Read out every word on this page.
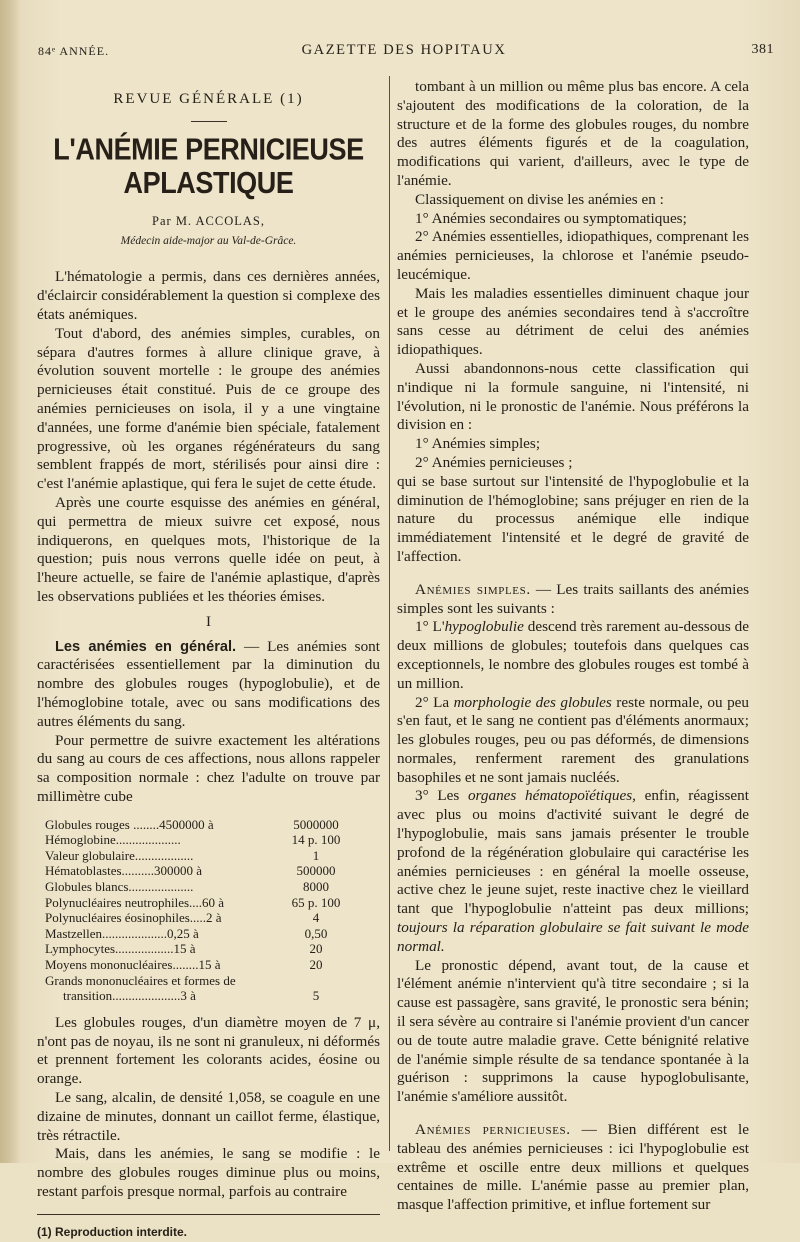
84ᵉ ANNÉE.	GAZETTE DES HOPITAUX	381
REVUE GÉNÉRALE (1)
L'ANÉMIE PERNICIEUSE APLASTIQUE
Par M. ACCOLAS,
Médecin aide-major au Val-de-Grâce.

L'hématologie a permis, dans ces dernières années, d'éclaircir considérablement la question si complexe des états anémiques.

Tout d'abord, des anémies simples, curables, on sépara d'autres formes à allure clinique grave, à évolution souvent mortelle : le groupe des anémies pernicieuses était constitué. Puis de ce groupe des anémies pernicieuses on isola, il y a une vingtaine d'années, une forme d'anémie bien spéciale, fatalement progressive, où les organes régénérateurs du sang semblent frappés de mort, stérilisés pour ainsi dire : c'est l'anémie aplastique, qui fera le sujet de cette étude.

Après une courte esquisse des anémies en général, qui permettra de mieux suivre cet exposé, nous indiquerons, en quelques mots, l'historique de la question; puis nous verrons quelle idée on peut, à l'heure actuelle, se faire de l'anémie aplastique, d'après les observations publiées et les théories émises.

I

Les anémies en général. — Les anémies sont caractérisées essentiellement par la diminution du nombre des globules rouges (hypoglobulie), et de l'hémoglobine totale, avec ou sans modifications des autres éléments du sang.

Pour permettre de suivre exactement les altérations du sang au cours de ces affections, nous allons rappeler sa composition normale : chez l'adulte on trouve par millimètre cube

Globules rouges ........4500000 à	5000000
Hémoglobine....................	14 p. 100
Valeur globulaire..................	1
Hématoblastes..........300000 à	500000
Globules blancs....................	8000
Polynucléaires neutrophiles....60 à	65 p. 100
Polynucléaires éosinophiles.....2 à	4
Mastzellen....................0,25 à	0,50
Lymphocytes..................15 à	20
Moyens mononucléaires........15 à	20
Grands mononucléaires et formes de
transition.....................3 à	5

Les globules rouges, d'un diamètre moyen de 7 μ, n'ont pas de noyau, ils ne sont ni granuleux, ni déformés et prennent fortement les colorants acides, éosine ou orange.

Le sang, alcalin, de densité 1,058, se coagule en une dizaine de minutes, donnant un caillot ferme, élastique, très rétractile.

Mais, dans les anémies, le sang se modifie : le nombre des globules rouges diminue plus ou moins, restant parfois presque normal, parfois au contraire

(1) Reproduction interdite.

tombant à un million ou même plus bas encore. A cela s'ajoutent des modifications de la coloration, de la structure et de la forme des globules rouges, du nombre des autres éléments figurés et de la coagulation, modifications qui varient, d'ailleurs, avec le type de l'anémie.

Classiquement on divise les anémies en :

1° Anémies secondaires ou symptomatiques;

2° Anémies essentielles, idiopathiques, comprenant les anémies pernicieuses, la chlorose et l'anémie pseudo-leucémique.

Mais les maladies essentielles diminuent chaque jour et le groupe des anémies secondaires tend à s'accroître sans cesse au détriment de celui des anémies idiopathiques.

Aussi abandonnons-nous cette classification qui n'indique ni la formule sanguine, ni l'intensité, ni l'évolution, ni le pronostic de l'anémie. Nous préférons la division en :

1° Anémies simples;

2° Anémies pernicieuses ;

qui se base surtout sur l'intensité de l'hypoglobulie et la diminution de l'hémoglobine; sans préjuger en rien de la nature du processus anémique elle indique immédiatement l'intensité et le degré de gravité de l'affection.

Anémies simples. — Les traits saillants des anémies simples sont les suivants :

1° L'hypoglobulie descend très rarement au-dessous de deux millions de globules; toutefois dans quelques cas exceptionnels, le nombre des globules rouges est tombé à un million.

2° La morphologie des globules reste normale, ou peu s'en faut, et le sang ne contient pas d'éléments anormaux; les globules rouges, peu ou pas déformés, de dimensions normales, renferment rarement des granulations basophiles et ne sont jamais nucléés.

3° Les organes hématopoïétiques, enfin, réagissent avec plus ou moins d'activité suivant le degré de l'hypoglobulie, mais sans jamais présenter le trouble profond de la régénération globulaire qui caractérise les anémies pernicieuses : en général la moelle osseuse, active chez le jeune sujet, reste inactive chez le vieillard tant que l'hypoglobulie n'atteint pas deux millions; toujours la réparation globulaire se fait suivant le mode normal.

Le pronostic dépend, avant tout, de la cause et l'élément anémie n'intervient qu'à titre secondaire ; si la cause est passagère, sans gravité, le pronostic sera bénin; il sera sévère au contraire si l'anémie provient d'un cancer ou de toute autre maladie grave. Cette bénignité relative de l'anémie simple résulte de sa tendance spontanée à la guérison : supprimons la cause hypoglobulisante, l'anémie s'améliore aussitôt.

Anémies pernicieuses. — Bien différent est le tableau des anémies pernicieuses : ici l'hypoglobulie est extrême et oscille entre deux millions et quelques centaines de mille. L'anémie passe au premier plan, masque l'affection primitive, et influe fortement sur
